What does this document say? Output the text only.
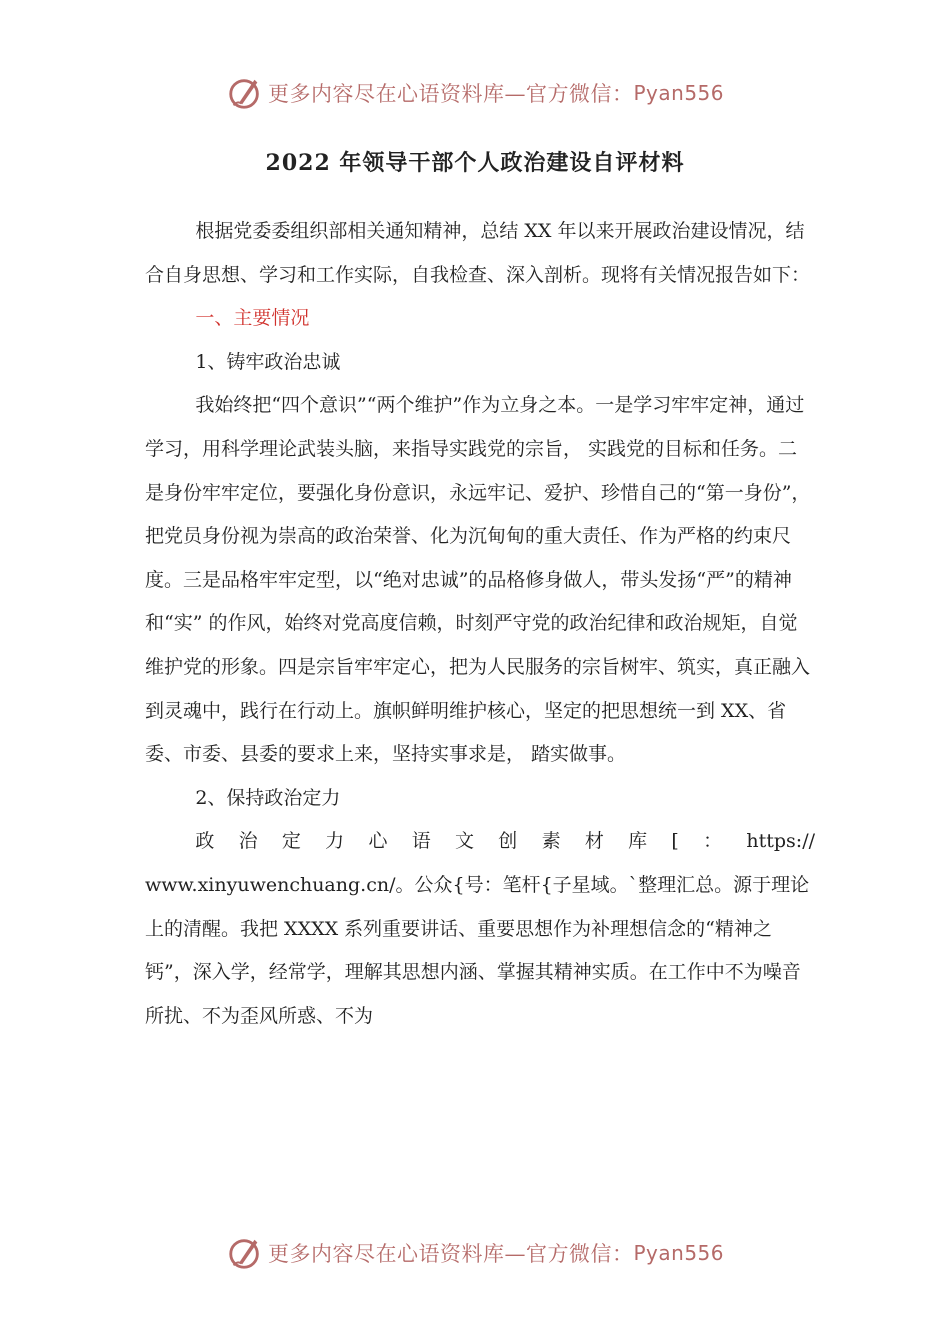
更多内容尽在心语资料库—官方微信： Pyan556
2022 年领导干部个人政治建设自评材料

根据党委委组织部相关通知精神，总结 XX 年以来开展政治建设情况，结合自身思想、学习和工作实际，自我检查、深入剖析。现将有关情况报告如下：

一、主要情况

1、铸牢政治忠诚

我始终把“四个意识”“两个维护”作为立身之本。一是学习牢牢定神，通过学习，用科学理论武装头脑，来指导实践党的宗旨， 实践党的目标和任务。二是身份牢牢定位，要强化身份意识，永远牢记、爱护、珍惜自己的“第一身份”，把党员身份视为崇高的政治荣誉、化为沉甸甸的重大责任、作为严格的约束尺度。三是品格牢牢定型，以“绝对忠诚”的品格修身做人，带头发扬“严”的精神和“实” 的作风，始终对党高度信赖，时刻严守党的政治纪律和政治规矩，自觉维护党的形象。四是宗旨牢牢定心，把为人民服务的宗旨树牢、筑实，真正融入到灵魂中，践行在行动上。旗帜鲜明维护核心，坚定的把思想统一到 XX、省委、市委、县委的要求上来，坚持实事求是， 踏实做事。

2、保持政治定力

政治定力心语文创素材库[：https://

www.xinyuwenchuang.cn/。公众{号：笔杆{子星域。`整理汇总。源于理论上的清醒。我把 XXXX 系列重要讲话、重要思想作为补理想信念的“精神之钙”，深入学，经常学，理解其思想内涵、掌握其精神实质。在工作中不为噪音所扰、不为歪风所惑、不为

更多内容尽在心语资料库—官方微信： Pyan556
